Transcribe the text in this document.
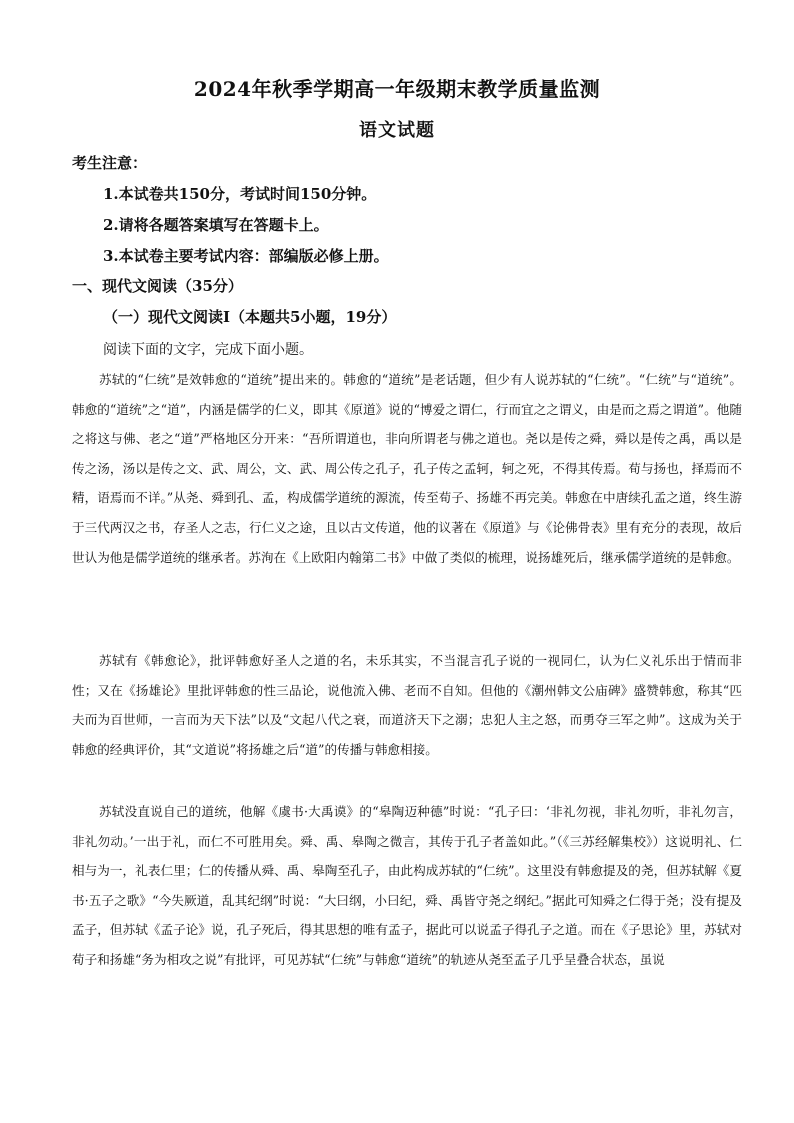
2024年秋季学期高一年级期末教学质量监测
语文试题
考生注意：
1.本试卷共150分，考试时间150分钟。
2.请将各题答案填写在答题卡上。
3.本试卷主要考试内容：部编版必修上册。
一、现代文阅读（35分）
（一）现代文阅读Ⅰ（本题共5小题，19分）
阅读下面的文字，完成下面小题。

苏轼的“仁统”是效韩愈的“道统”提出来的。韩愈的“道统”是老话题，但少有人说苏轼的“仁统”。“仁统”与“道统”。韩愈的“道统”之“道”，内涵是儒学的仁义，即其《原道》说的“博爱之谓仁，行而宜之之谓义，由是而之焉之谓道”。他随之将这与佛、老之“道”严格地区分开来：“吾所谓道也，非向所谓老与佛之道也。尧以是传之舜，舜以是传之禹，禹以是传之汤，汤以是传之文、武、周公，文、武、周公传之孔子，孔子传之孟轲，轲之死，不得其传焉。荀与扬也，择焉而不精，语焉而不详。”从尧、舜到孔、孟，构成儒学道统的源流，传至荀子、扬雄不再完美。韩愈在中唐续孔孟之道，终生游于三代两汉之书，存圣人之志，行仁义之途，且以古文传道，他的议著在《原道》与《论佛骨表》里有充分的表现，故后世认为他是儒学道统的继承者。苏洵在《上欧阳内翰第二书》中做了类似的梳理，说扬雄死后，继承儒学道统的是韩愈。

苏轼有《韩愈论》，批评韩愈好圣人之道的名，未乐其实，不当混言孔子说的一视同仁，认为仁义礼乐出于情而非性；又在《扬雄论》里批评韩愈的性三品论，说他流入佛、老而不自知。但他的《潮州韩文公庙碑》盛赞韩愈，称其“匹夫而为百世师，一言而为天下法”以及“文起八代之衰，而道济天下之溺；忠犯人主之怒，而勇夺三军之帅”。这成为关于韩愈的经典评价，其“文道说”将扬雄之后“道”的传播与韩愈相接。

苏轼没直说自己的道统，他解《虞书·大禹谟》的“皋陶迈种德”时说：“孔子曰：‘非礼勿视，非礼勿听，非礼勿言，非礼勿动。’一出于礼，而仁不可胜用矣。舜、禹、皋陶之微言，其传于孔子者盖如此。”（《三苏经解集校》）这说明礼、仁相与为一，礼表仁里；仁的传播从舜、禹、皋陶至孔子，由此构成苏轼的“仁统”。这里没有韩愈提及的尧，但苏轼解《夏书·五子之歌》“今失厥道，乱其纪纲”时说：“大曰纲，小曰纪，舜、禹皆守尧之纲纪。”据此可知舜之仁得于尧；没有提及孟子，但苏轼《孟子论》说，孔子死后，得其思想的唯有孟子，据此可以说孟子得孔子之道。而在《子思论》里，苏轼对荀子和扬雄“务为相攻之说”有批评，可见苏轼“仁统”与韩愈“道统”的轨迹从尧至孟子几乎呈叠合状态，虽说
